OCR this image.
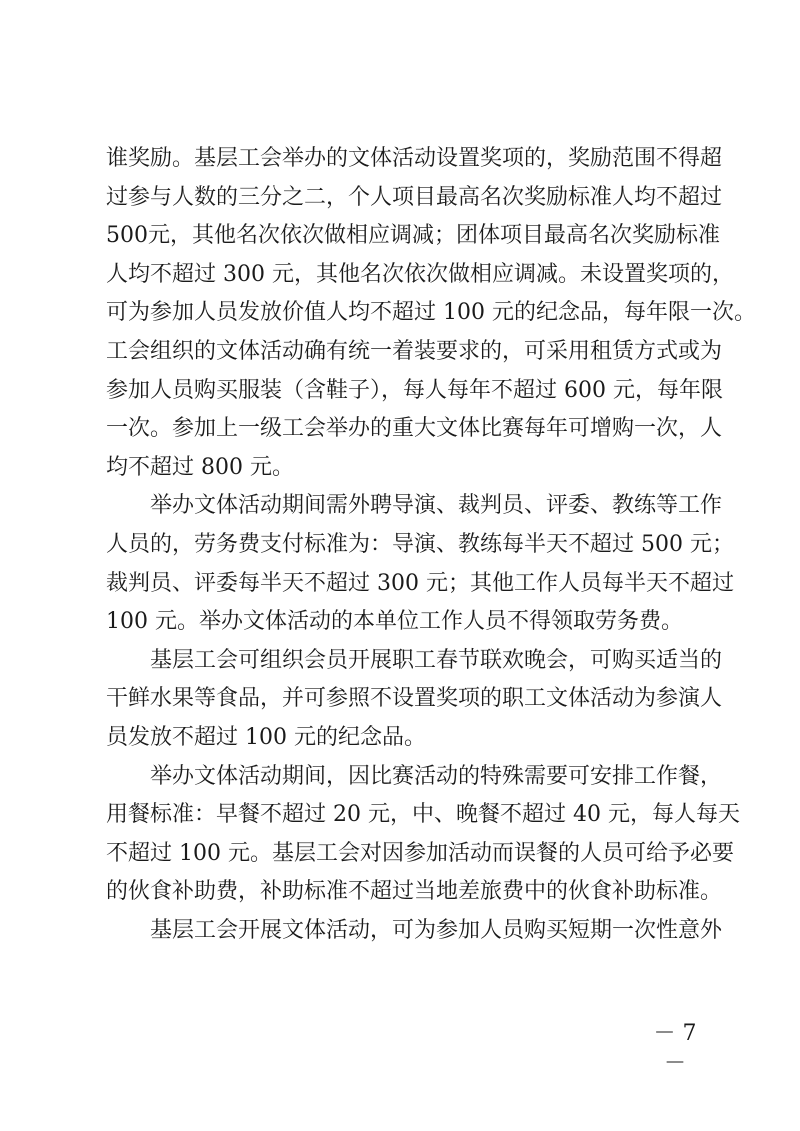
谁奖励。基层工会举办的文体活动设置奖项的，奖励范围不得超
过参与人数的三分之二，个人项目最高名次奖励标准人均不超过
500元，其他名次依次做相应调减；团体项目最高名次奖励标准
人均不超过 300 元，其他名次依次做相应调减。未设置奖项的，
可为参加人员发放价值人均不超过 100 元的纪念品，每年限一次。
工会组织的文体活动确有统一着装要求的，可采用租赁方式或为
参加人员购买服装（含鞋子），每人每年不超过 600 元，每年限
一次。参加上一级工会举办的重大文体比赛每年可增购一次，人
均不超过 800 元。
举办文体活动期间需外聘导演、裁判员、评委、教练等工作
人员的，劳务费支付标准为：导演、教练每半天不超过 500 元；
裁判员、评委每半天不超过 300 元；其他工作人员每半天不超过
100 元。举办文体活动的本单位工作人员不得领取劳务费。
基层工会可组织会员开展职工春节联欢晚会，可购买适当的
干鲜水果等食品，并可参照不设置奖项的职工文体活动为参演人
员发放不超过 100 元的纪念品。
举办文体活动期间，因比赛活动的特殊需要可安排工作餐，
用餐标准：早餐不超过 20 元，中、晚餐不超过 40 元，每人每天
不超过 100 元。基层工会对因参加活动而误餐的人员可给予必要
的伙食补助费，补助标准不超过当地差旅费中的伙食补助标准。
基层工会开展文体活动，可为参加人员购买短期一次性意外
－ 7 －
